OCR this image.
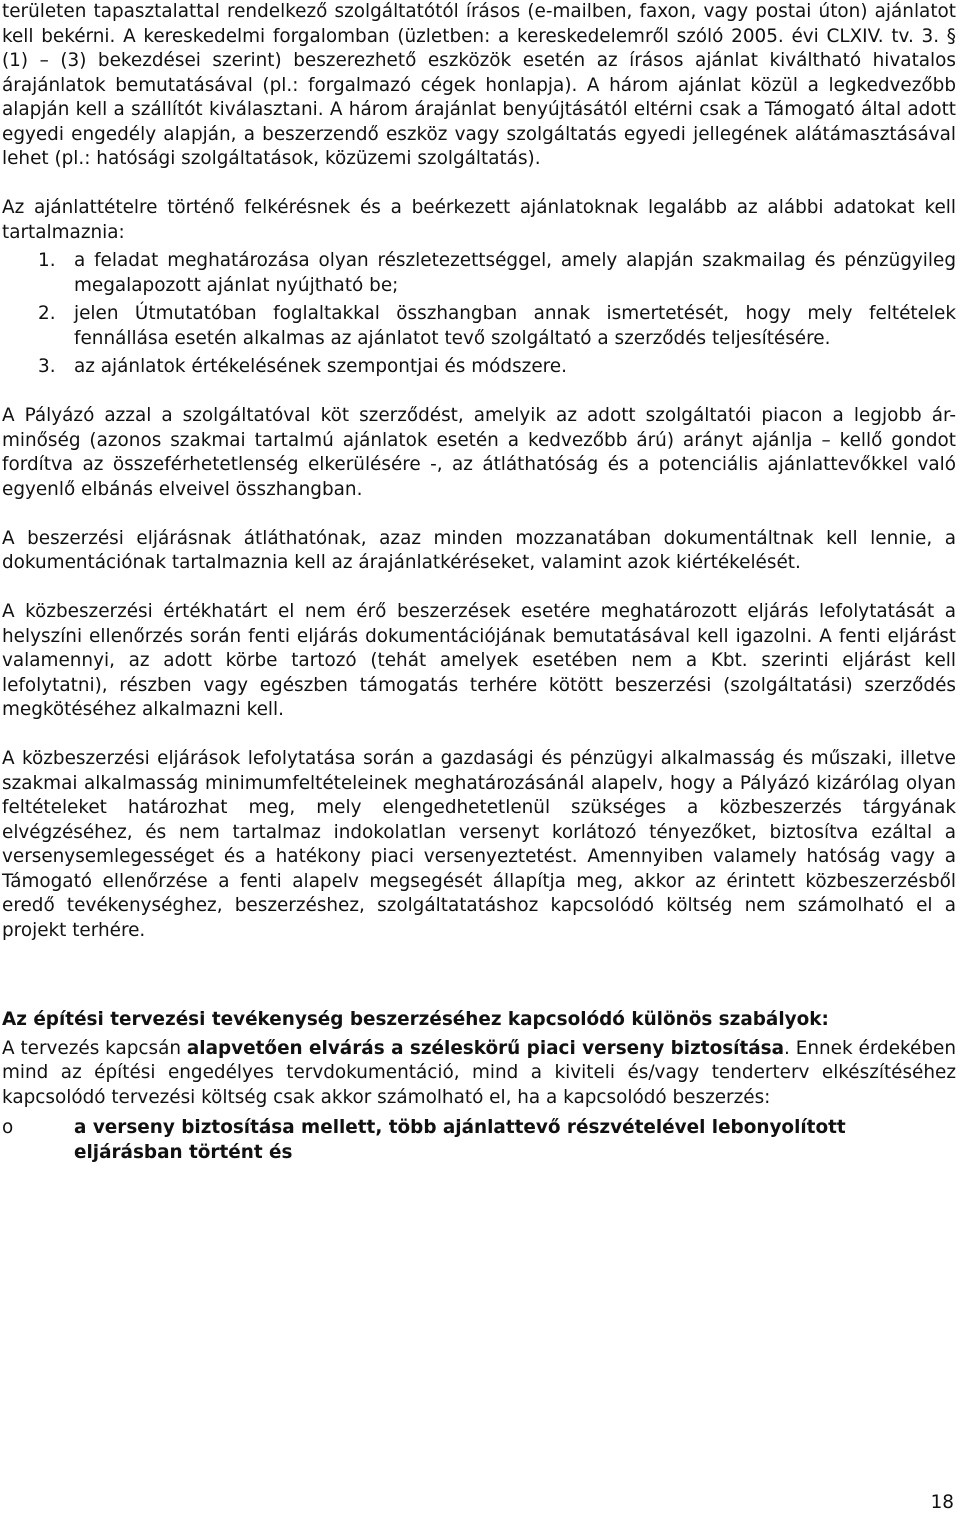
területen tapasztalattal rendelkező szolgáltatótól írásos (e-mailben, faxon, vagy postai úton) ajánlatot kell bekérni. A kereskedelmi forgalomban (üzletben: a kereskedelemről szóló 2005. évi CLXIV. tv. 3. § (1) – (3) bekezdései szerint) beszerezhető eszközök esetén az írásos ajánlat kiváltható hivatalos árajánlatok bemutatásával (pl.: forgalmazó cégek honlapja). A három ajánlat közül a legkedvezőbb alapján kell a szállítót kiválasztani. A három árajánlat benyújtásától eltérni csak a Támogató által adott egyedi engedély alapján, a beszerzendő eszköz vagy szolgáltatás egyedi jellegének alátámasztásával lehet (pl.: hatósági szolgáltatások, közüzemi szolgáltatás).

Az ajánlattételre történő felkérésnek és a beérkezett ajánlatoknak legalább az alábbi adatokat kell tartalmaznia:

1. a feladat meghatározása olyan részletezettséggel, amely alapján szakmailag és pénzügyileg megalapozott ajánlat nyújtható be;
2. jelen Útmutatóban foglaltakkal összhangban annak ismertetését, hogy mely feltételek fennállása esetén alkalmas az ajánlatot tevő szolgáltató a szerződés teljesítésére.
3. az ajánlatok értékelésének szempontjai és módszere.

A Pályázó azzal a szolgáltatóval köt szerződést, amelyik az adott szolgáltatói piacon a legjobb ár-minőség (azonos szakmai tartalmú ajánlatok esetén a kedvezőbb árú) arányt ajánlja – kellő gondot fordítva az összeférhetetlenség elkerülésére -, az átláthatóság és a potenciális ajánlattevőkkel való egyenlő elbánás elveivel összhangban.

A beszerzési eljárásnak átláthatónak, azaz minden mozzanatában dokumentáltnak kell lennie, a dokumentációnak tartalmaznia kell az árajánlatkéréseket, valamint azok kiértékelését.

A közbeszerzési értékhatárt el nem érő beszerzések esetére meghatározott eljárás lefolytatását a helyszíni ellenőrzés során fenti eljárás dokumentációjának bemutatásával kell igazolni. A fenti eljárást valamennyi, az adott körbe tartozó (tehát amelyek esetében nem a Kbt. szerinti eljárást kell lefolytatni), részben vagy egészben támogatás terhére kötött beszerzési (szolgáltatási) szerződés megkötéséhez alkalmazni kell.

A közbeszerzési eljárások lefolytatása során a gazdasági és pénzügyi alkalmasság és műszaki, illetve szakmai alkalmasság minimumfeltételeinek meghatározásánál alapelv, hogy a Pályázó kizárólag olyan feltételeket határozhat meg, mely elengedhetetlenül szükséges a közbeszerzés tárgyának elvégzéséhez, és nem tartalmaz indokolatlan versenyt korlátozó tényezőket, biztosítva ezáltal a versenysemlegességet és a hatékony piaci versenyeztetést. Amennyiben valamely hatóság vagy a Támogató ellenőrzése a fenti alapelv megsegését állapítja meg, akkor az érintett közbeszerzésből eredő tevékenységhez, beszerzéshez, szolgáltatatáshoz kapcsolódó költség nem számolható el a projekt terhére.

Az építési tervezési tevékenység beszerzéséhez kapcsolódó különös szabályok:

A tervezés kapcsán alapvetően elvárás a széleskörű piaci verseny biztosítása. Ennek érdekében mind az építési engedélyes tervdokumentáció, mind a kiviteli és/vagy tenderterv elkészítéséhez kapcsolódó tervezési költség csak akkor számolható el, ha a kapcsolódó beszerzés:

o	a verseny biztosítása mellett, több ajánlattevő részvételével lebonyolított eljárásban történt és
18
